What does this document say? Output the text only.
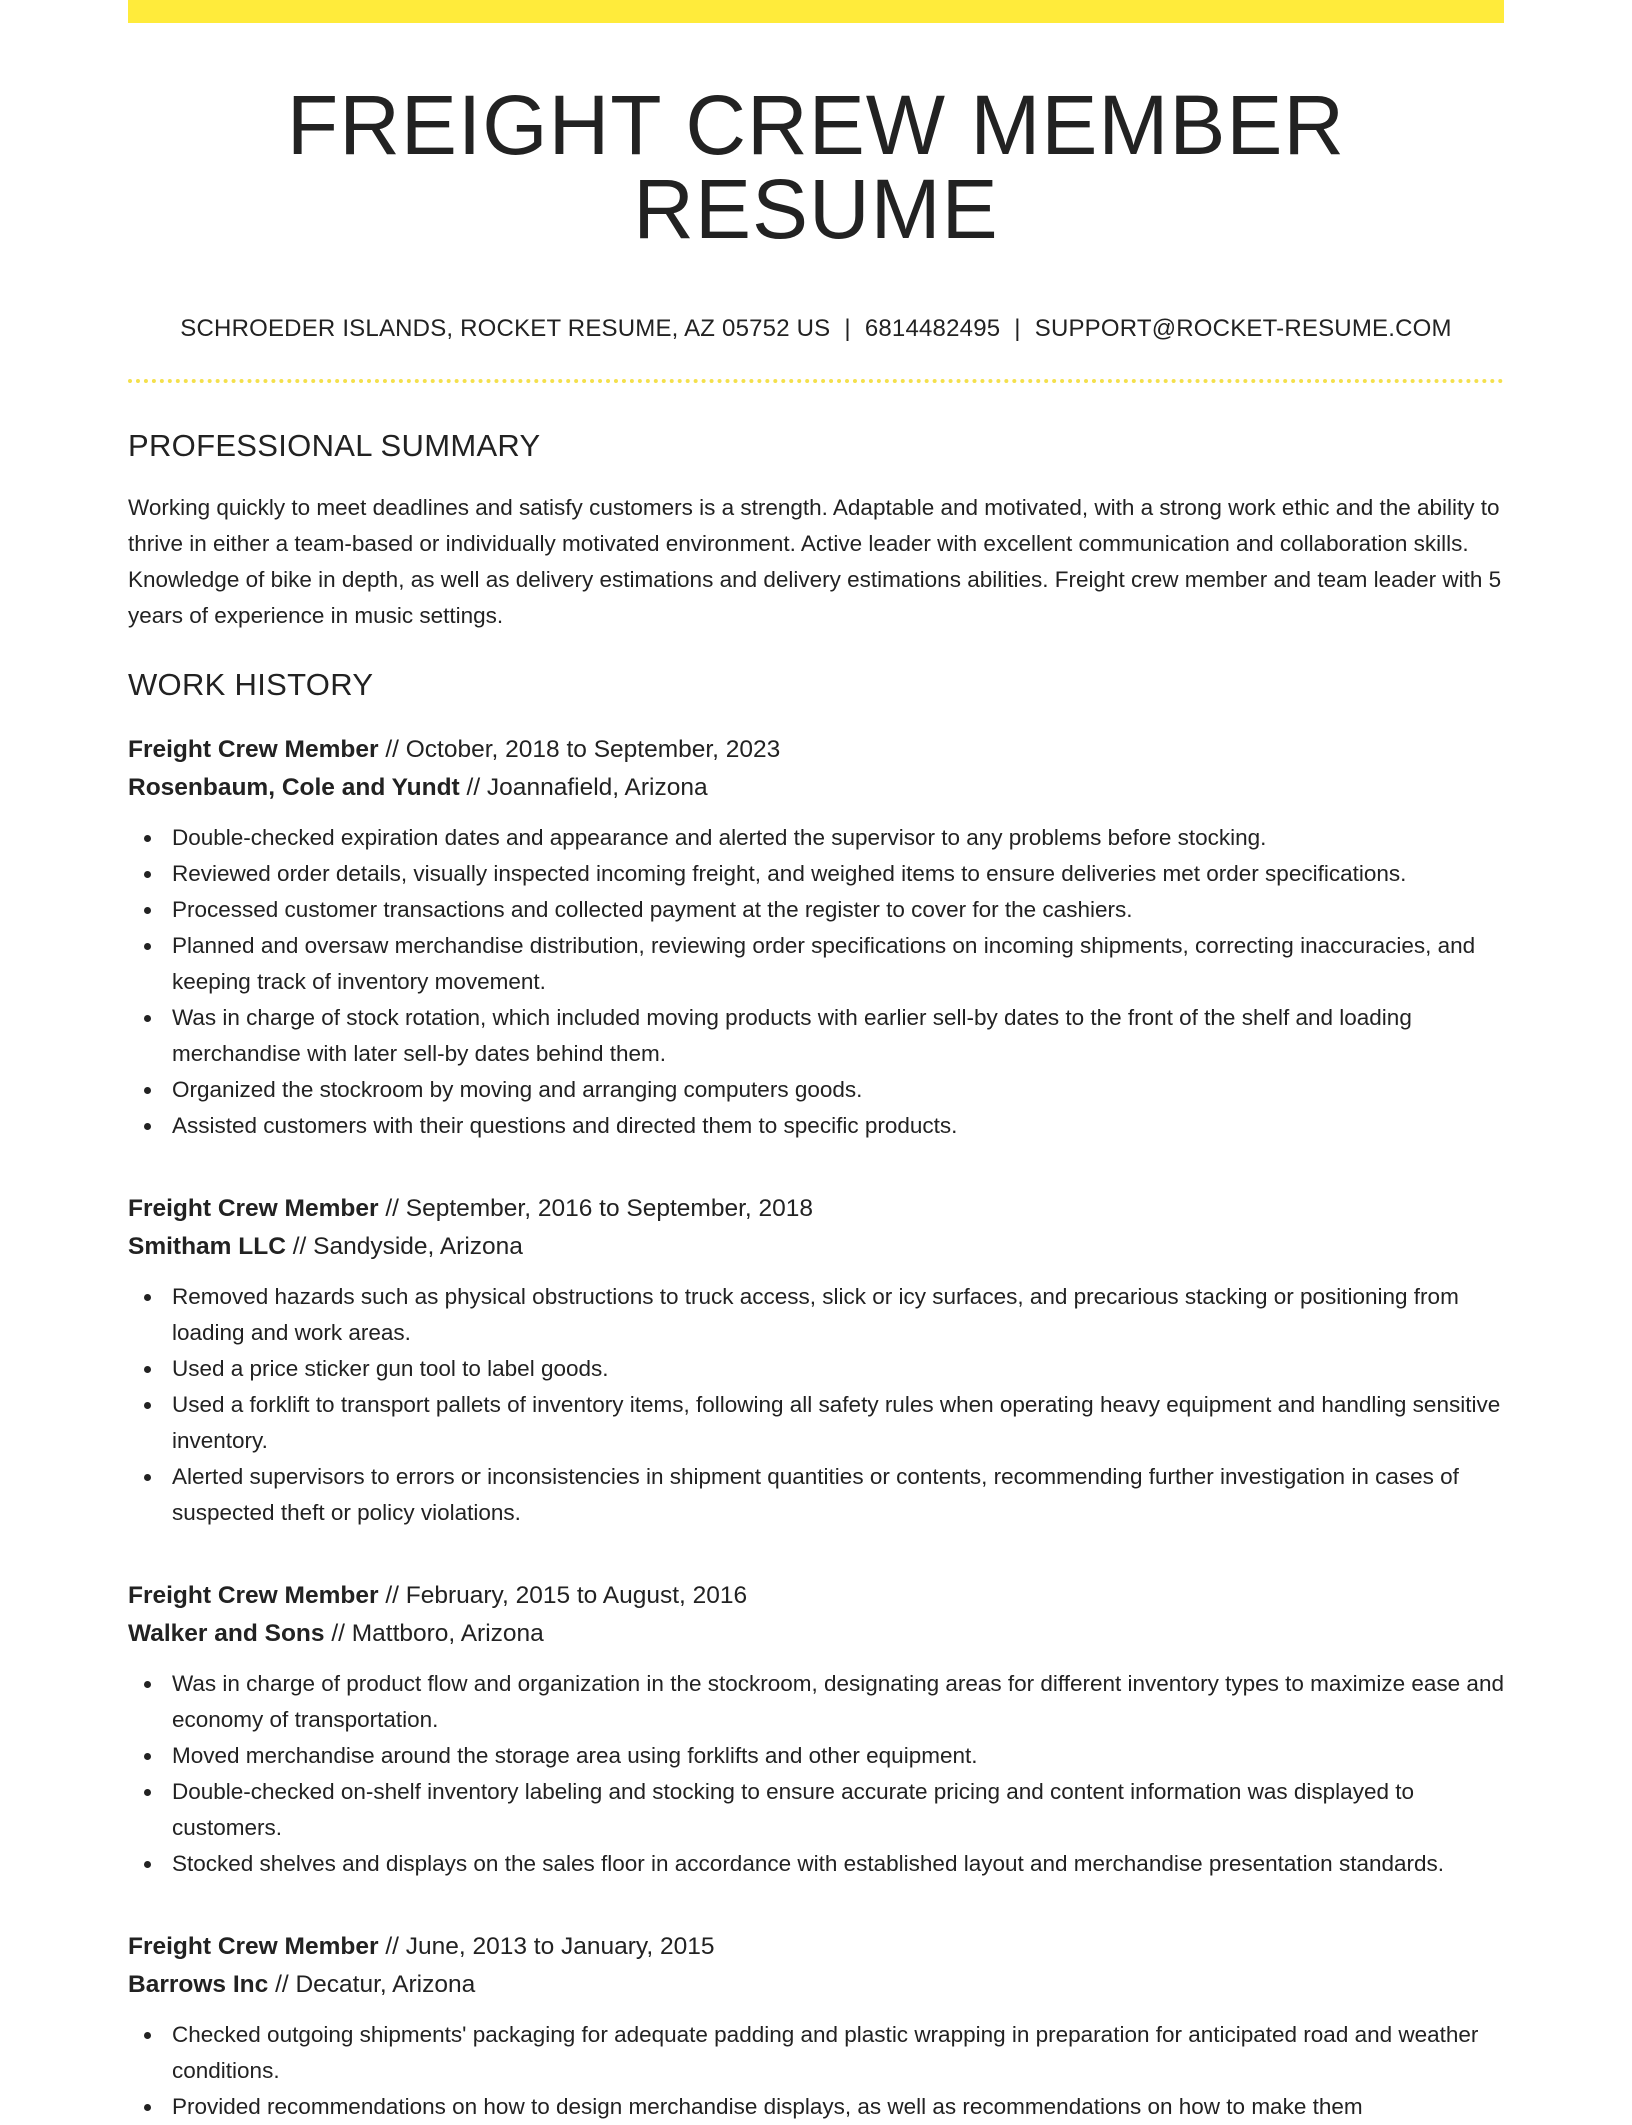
FREIGHT CREW MEMBER RESUME
SCHROEDER ISLANDS, ROCKET RESUME, AZ 05752 US | 6814482495 | SUPPORT@ROCKET-RESUME.COM
PROFESSIONAL SUMMARY

Working quickly to meet deadlines and satisfy customers is a strength. Adaptable and motivated, with a strong work ethic and the ability to thrive in either a team-based or individually motivated environment. Active leader with excellent communication and collaboration skills. Knowledge of bike in depth, as well as delivery estimations and delivery estimations abilities. Freight crew member and team leader with 5 years of experience in music settings.

WORK HISTORY
Freight Crew Member // October, 2018 to September, 2023
Rosenbaum, Cole and Yundt // Joannafield, Arizona
Double-checked expiration dates and appearance and alerted the supervisor to any problems before stocking.
Reviewed order details, visually inspected incoming freight, and weighed items to ensure deliveries met order specifications.
Processed customer transactions and collected payment at the register to cover for the cashiers.
Planned and oversaw merchandise distribution, reviewing order specifications on incoming shipments, correcting inaccuracies, and keeping track of inventory movement.
Was in charge of stock rotation, which included moving products with earlier sell-by dates to the front of the shelf and loading merchandise with later sell-by dates behind them.
Organized the stockroom by moving and arranging computers goods.
Assisted customers with their questions and directed them to specific products.
Freight Crew Member // September, 2016 to September, 2018
Smitham LLC // Sandyside, Arizona
Removed hazards such as physical obstructions to truck access, slick or icy surfaces, and precarious stacking or positioning from loading and work areas.
Used a price sticker gun tool to label goods.
Used a forklift to transport pallets of inventory items, following all safety rules when operating heavy equipment and handling sensitive inventory.
Alerted supervisors to errors or inconsistencies in shipment quantities or contents, recommending further investigation in cases of suspected theft or policy violations.
Freight Crew Member // February, 2015 to August, 2016
Walker and Sons // Mattboro, Arizona
Was in charge of product flow and organization in the stockroom, designating areas for different inventory types to maximize ease and economy of transportation.
Moved merchandise around the storage area using forklifts and other equipment.
Double-checked on-shelf inventory labeling and stocking to ensure accurate pricing and content information was displayed to customers.
Stocked shelves and displays on the sales floor in accordance with established layout and merchandise presentation standards.
Freight Crew Member // June, 2013 to January, 2015
Barrows Inc // Decatur, Arizona
Checked outgoing shipments' packaging for adequate padding and plastic wrapping in preparation for anticipated road and weather conditions.
Provided recommendations on how to design merchandise displays, as well as recommendations on how to make them
